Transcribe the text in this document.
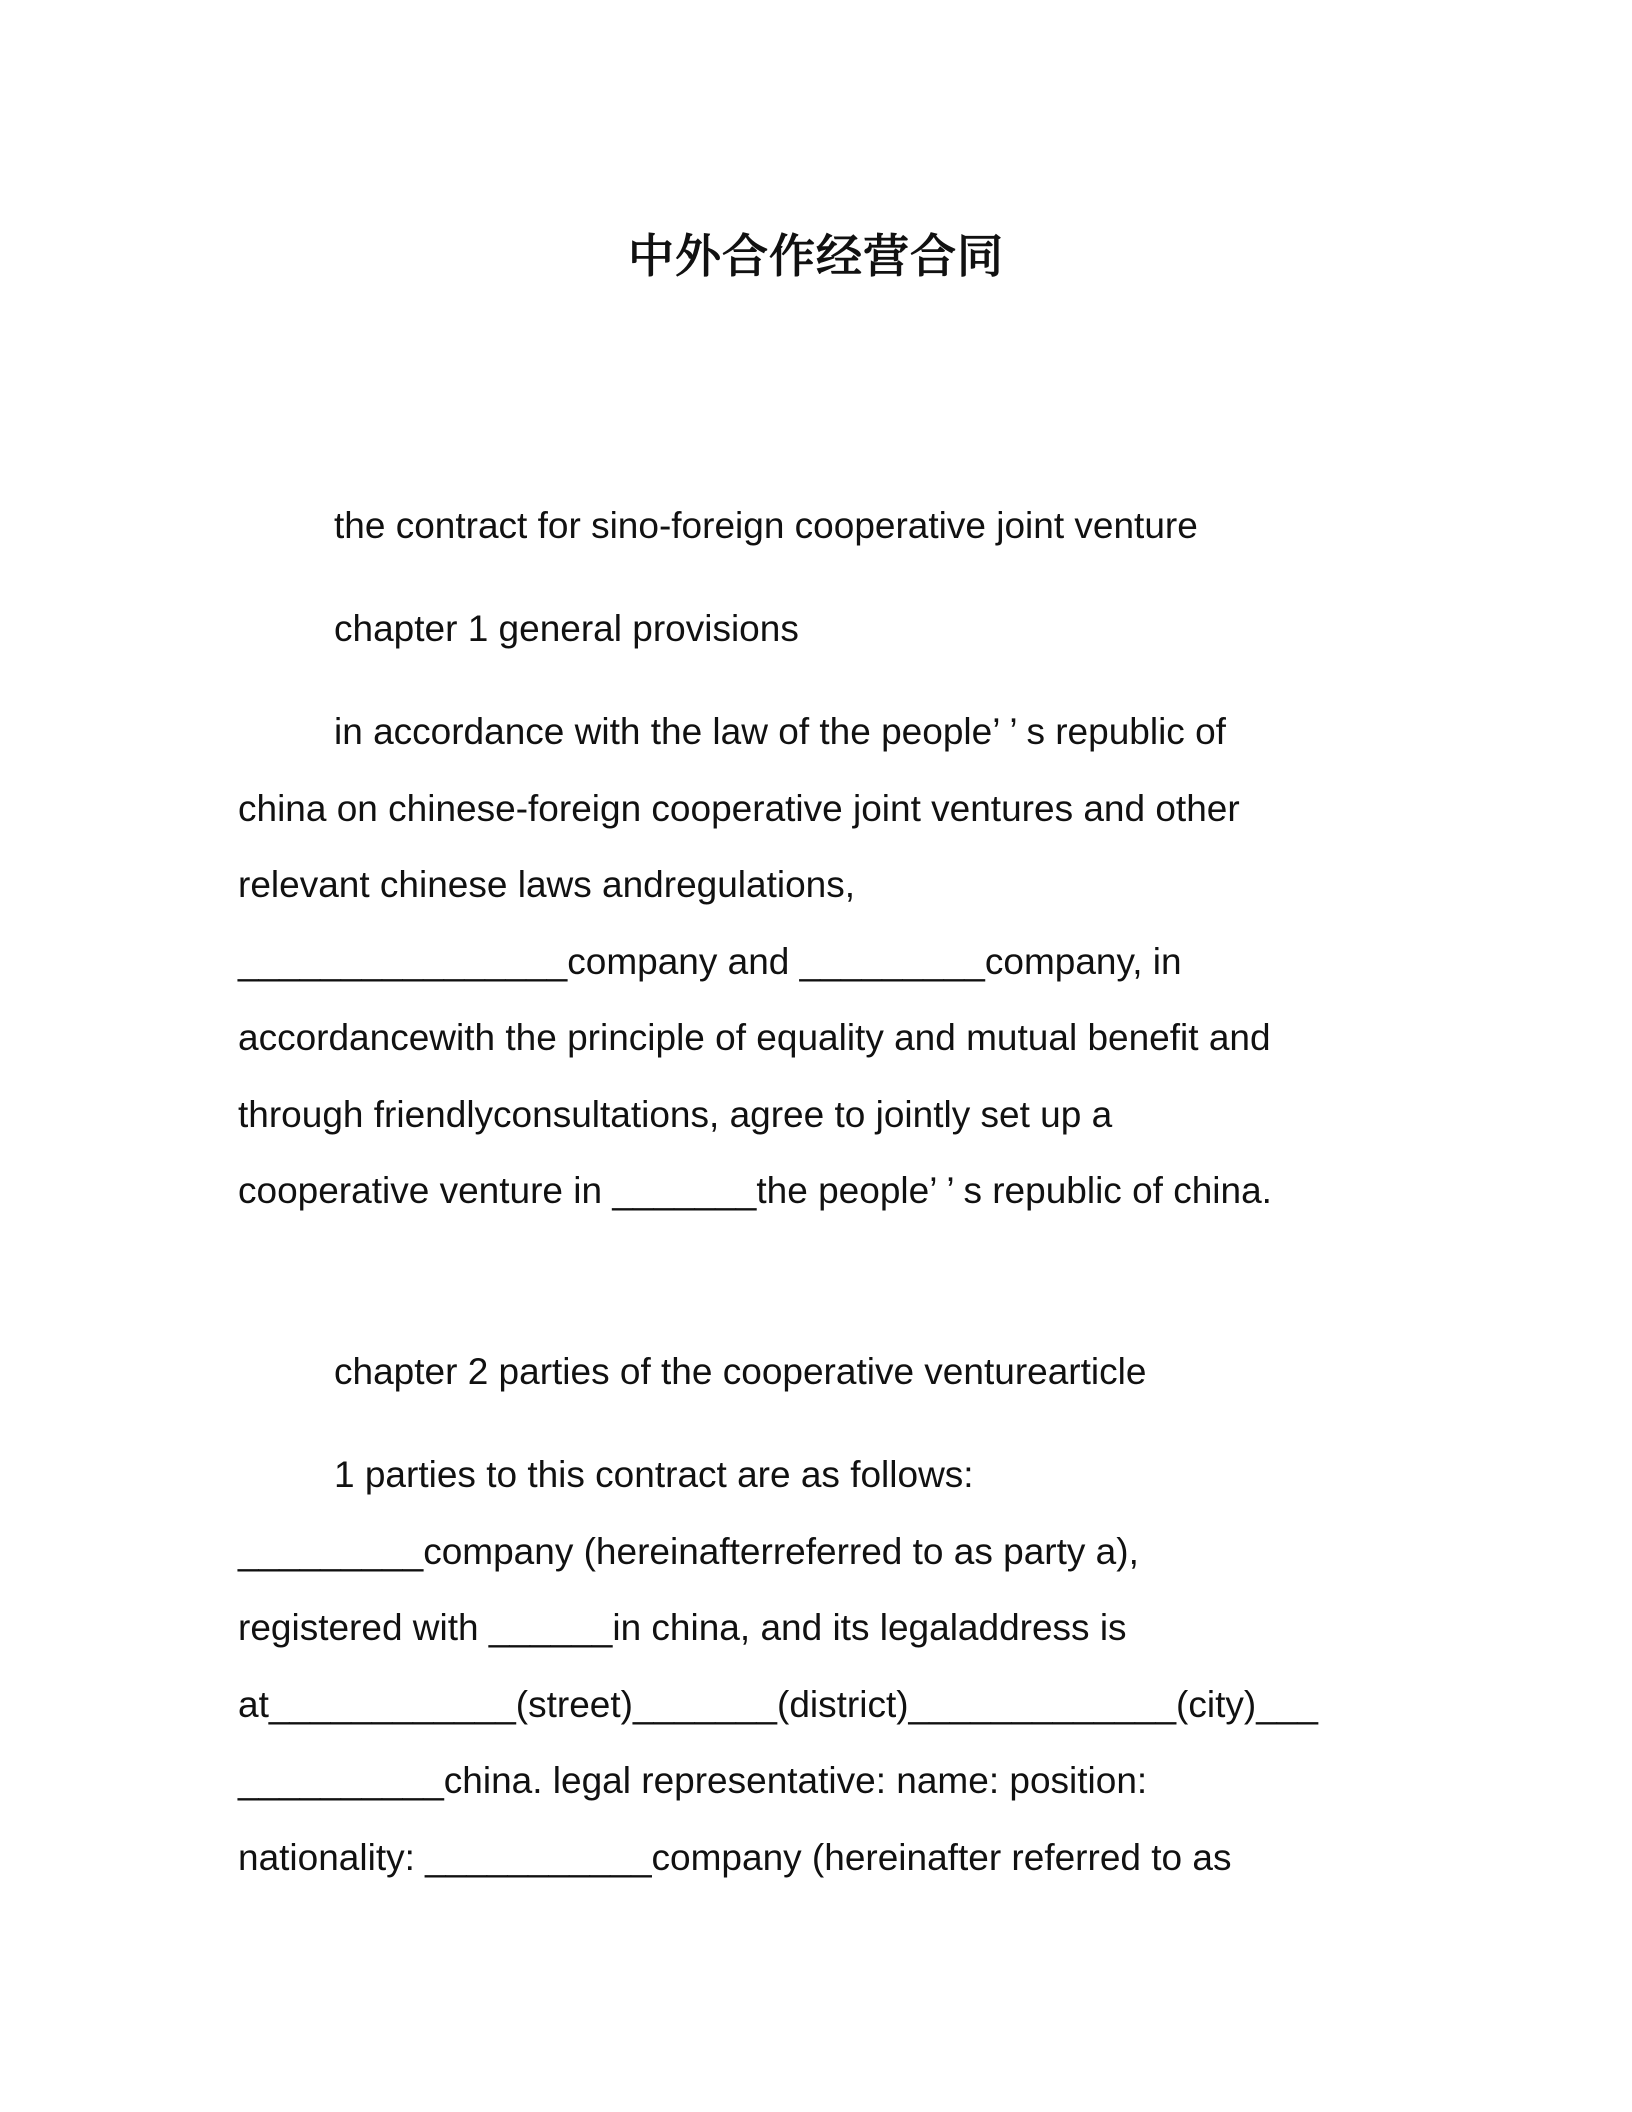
中外合作经营合同

the contract for sino-foreign cooperative joint venture

chapter 1 general provisions

in accordance with the law of the people’ ’ s republic of

china on chinese-foreign cooperative joint ventures and other

relevant chinese laws andregulations,

________________company and _________company, in

accordancewith the principle of equality and mutual benefit and

through friendlyconsultations, agree to jointly set up a

cooperative venture in _______the people’ ’ s republic of china.

chapter 2 parties of the cooperative venturearticle

1 parties to this contract are as follows:

_________company (hereinafterreferred to as party a),

registered with ______in china, and its legaladdress is

at____________(street)_______(district)_____________(city)___

__________china. legal representative: name: position:

nationality: ___________company (hereinafter referred to as
